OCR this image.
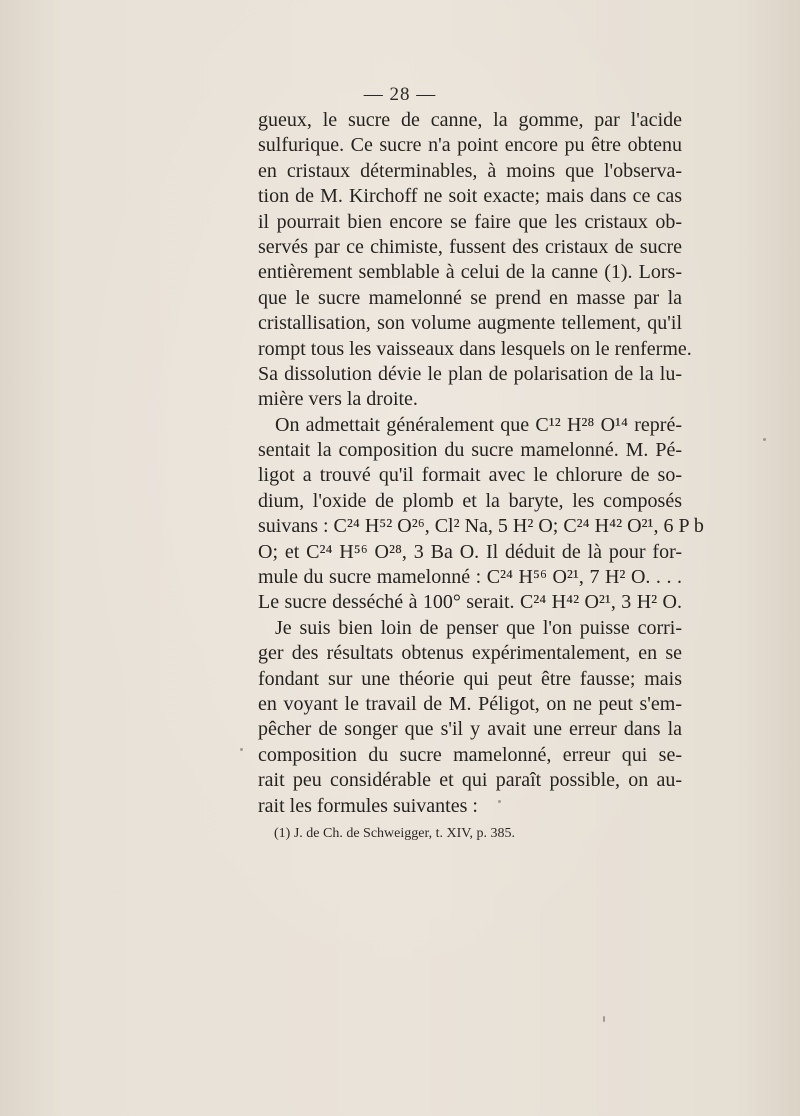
— 28 —
gueux, le sucre de canne, la gomme, par l'acide
sulfurique. Ce sucre n'a point encore pu être obtenu
en cristaux déterminables, à moins que l'observa-
tion de M. Kirchoff ne soit exacte; mais dans ce cas
il pourrait bien encore se faire que les cristaux ob-
servés par ce chimiste, fussent des cristaux de sucre
entièrement semblable à celui de la canne (1). Lors-
que le sucre mamelonné se prend en masse par la
cristallisation, son volume augmente tellement, qu'il
rompt tous les vaisseaux dans lesquels on le renferme.
Sa dissolution dévie le plan de polarisation de la lu-
mière vers la droite.
On admettait généralement que C¹² H²⁸ O¹⁴ repré-
sentait la composition du sucre mamelonné. M. Pé-
ligot a trouvé qu'il formait avec le chlorure de so-
dium, l'oxide de plomb et la baryte, les composés
suivans : C²⁴ H⁵² O²⁶, Cl² Na, 5 H² O; C²⁴ H⁴² O²¹, 6 P b
O; et C²⁴ H⁵⁶ O²⁸, 3 Ba O. Il déduit de là pour for-
mule du sucre mamelonné : C²⁴ H⁵⁶ O²¹, 7 H² O. . . .
Le sucre desséché à 100° serait. C²⁴ H⁴² O²¹, 3 H² O.
Je suis bien loin de penser que l'on puisse corri-
ger des résultats obtenus expérimentalement, en se
fondant sur une théorie qui peut être fausse; mais
en voyant le travail de M. Péligot, on ne peut s'em-
pêcher de songer que s'il y avait une erreur dans la
composition du sucre mamelonné, erreur qui se-
rait peu considérable et qui paraît possible, on au-
rait les formules suivantes :
(1) J. de Ch. de Schweigger, t. XIV, p. 385.
